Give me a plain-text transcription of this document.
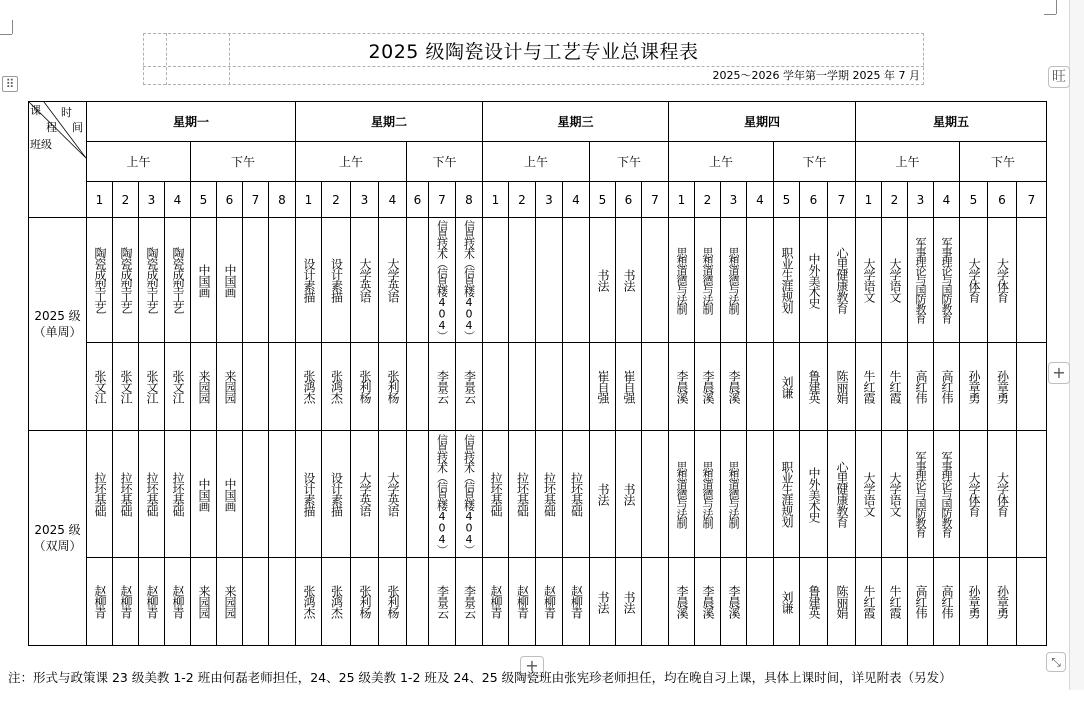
2025 级陶瓷设计与工艺专业总课程表
2025～2026 学年第一学期 2025 年 7 月
⠿
课 时
间
程
班级	星期一								星期二							星期三							星期四							星期五						
	上午				下午				上午				下午			上午				下午			上午				下午			上午				下午		
	1	2	3	4	5	6	7	8	1	2	3	4	6	7	8	1	2	3	4	5	6	7	1	2	3	4	5	6	7	1	2	3	4	5	6	7
2025 级
（单周）	陶瓷成型工艺	陶瓷成型工艺	陶瓷成型工艺	陶瓷成型工艺	中国画	中国画			设计素描	设计素描	大学英语	大学英语		信息技术（信息楼404）	信息技术（信息楼404）					书法	书法		思想道德与法制	思想道德与法制	思想道德与法制		职业生涯规划	中外美术史	心里健康教育	大学语文	大学语文	军事理论与国防教育	军事理论与国防教育	大学体育	大学体育	

	张文江	张文江	张文江	张文江	来园园	来园园			张鸿杰	张鸿杰	张利杨	张利杨		李景云	李景云					崔自强	崔自强		李晨溪	李晨溪	李晨溪		刘谦	鲁建英	陈丽娟	牛红霞	牛红霞	高红伟	高红伟	孙章勇	孙章勇	

2025 级
（双周）	拉坯基础	拉坯基础	拉坯基础	拉坯基础	中国画	中国画			设计素描	设计素描	大学英语	大学英语		信息技术（信息楼404）	信息技术（信息楼404）	拉坯基础	拉坯基础	拉坯基础	拉坯基础	书法	书法		思想道德与法制	思想道德与法制	思想道德与法制		职业生涯规划	中外美术史	心里健康教育	大学语文	大学语文	军事理论与国防教育	军事理论与国防教育	大学体育	大学体育	

	赵柳青	赵柳青	赵柳青	赵柳青	来园园	来园园			张鸿杰	张鸿杰	张利杨	张利杨		李景云	李景云	赵柳青	赵柳青	赵柳青	赵柳青	书法	书法		李晨溪	李晨溪	李晨溪		刘谦	鲁建英	陈丽娟	牛红霞	牛红霞	高红伟	高红伟	孙章勇	孙章勇	

旺
+
+	⤡
注：形式与政策课 23 级美教 1-2 班由何磊老师担任，24、25 级美教 1-2 班及 24、25 级陶瓷班由张宪珍老师担任，均在晚自习上课，具体上课时间，详见附表（另发）
